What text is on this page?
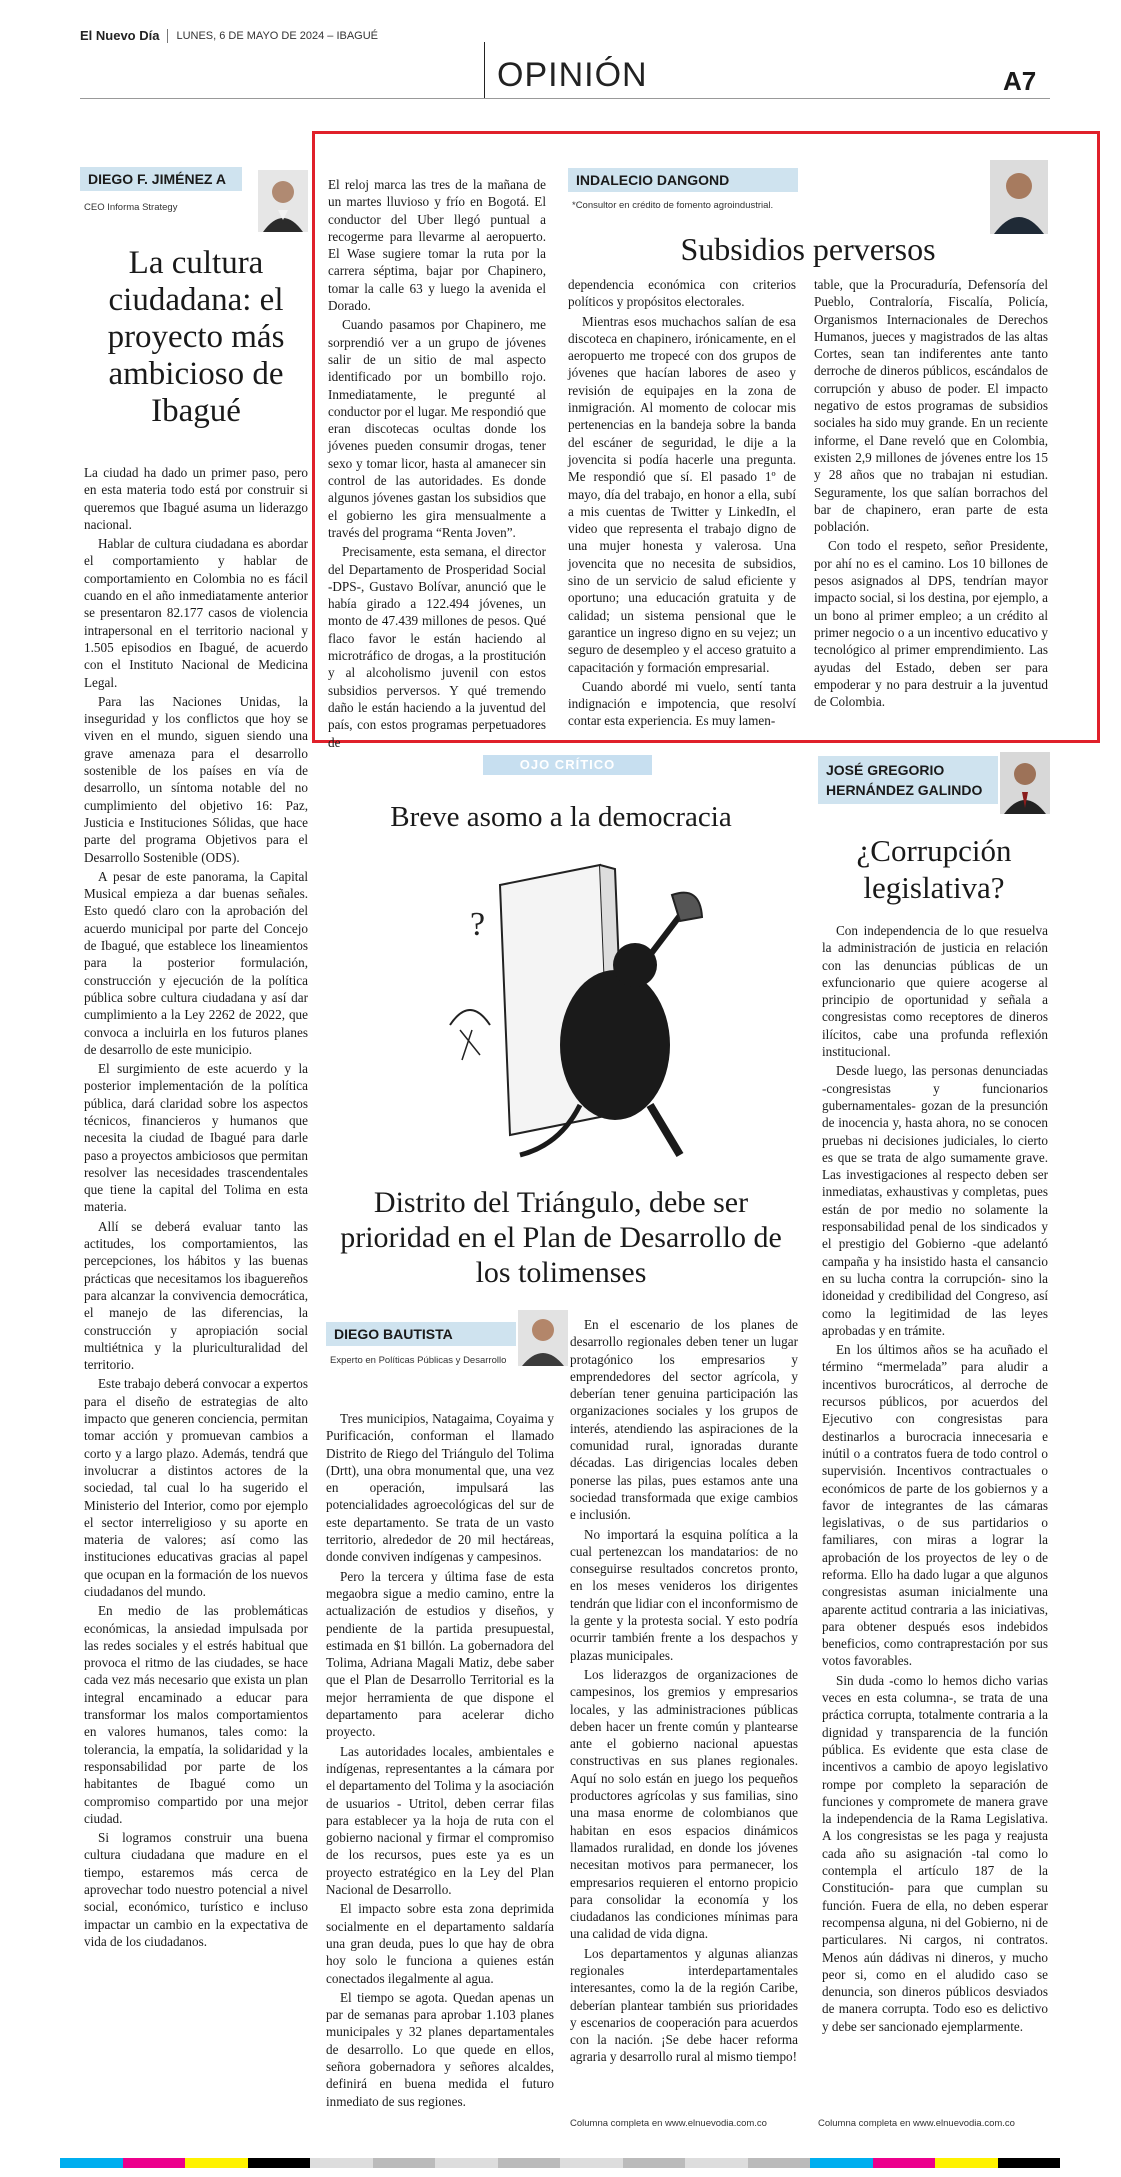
El Nuevo Día LUNES, 6 DE MAYO DE 2024 – IBAGUÉ
OPINIÓN	A7
DIEGO F. JIMÉNEZ A
CEO Informa Strategy
La cultura ciudadana: el proyecto más ambicioso de Ibagué

La ciudad ha dado un primer paso, pero en esta materia todo está por construir si queremos que Ibagué asuma un liderazgo nacional.

Hablar de cultura ciudadana es abordar el comportamiento y hablar de comportamiento en Colombia no es fácil cuando en el año inmediatamente anterior se presentaron 82.177 casos de violencia intrapersonal en el territorio nacional y 1.505 episodios en Ibagué, de acuerdo con el Instituto Nacional de Medicina Legal.

Para las Naciones Unidas, la inseguridad y los conflictos que hoy se viven en el mundo, siguen siendo una grave amenaza para el desarrollo sostenible de los países en vía de desarrollo, un síntoma notable del no cumplimiento del objetivo 16: Paz, Justicia e Instituciones Sólidas, que hace parte del programa Objetivos para el Desarrollo Sostenible (ODS).

A pesar de este panorama, la Capital Musical empieza a dar buenas señales. Esto quedó claro con la aprobación del acuerdo municipal por parte del Concejo de Ibagué, que establece los lineamientos para la posterior formulación, construcción y ejecución de la política pública sobre cultura ciudadana y así dar cumplimiento a la Ley 2262 de 2022, que convoca a incluirla en los futuros planes de desarrollo de este municipio.

El surgimiento de este acuerdo y la posterior implementación de la política pública, dará claridad sobre los aspectos técnicos, financieros y humanos que necesita la ciudad de Ibagué para darle paso a proyectos ambiciosos que permitan resolver las necesidades trascendentales que tiene la capital del Tolima en esta materia.

Allí se deberá evaluar tanto las actitudes, los comportamientos, las percepciones, los hábitos y las buenas prácticas que necesitamos los ibaguereños para alcanzar la convivencia democrática, el manejo de las diferencias, la construcción y apropiación social multiétnica y la pluriculturalidad del territorio.

Este trabajo deberá convocar a expertos para el diseño de estrategias de alto impacto que generen conciencia, permitan tomar acción y promuevan cambios a corto y a largo plazo. Además, tendrá que involucrar a distintos actores de la sociedad, tal cual lo ha sugerido el Ministerio del Interior, como por ejemplo el sector interreligioso y su aporte en materia de valores; así como las instituciones educativas gracias al papel que ocupan en la formación de los nuevos ciudadanos del mundo.

En medio de las problemáticas económicas, la ansiedad impulsada por las redes sociales y el estrés habitual que provoca el ritmo de las ciudades, se hace cada vez más necesario que exista un plan integral encaminado a educar para transformar los malos comportamientos en valores humanos, tales como: la tolerancia, la empatía, la solidaridad y la responsabilidad por parte de los habitantes de Ibagué como un compromiso compartido por una mejor ciudad.

Si logramos construir una buena cultura ciudadana que madure en el tiempo, estaremos más cerca de aprovechar todo nuestro potencial a nivel social, económico, turístico e incluso impactar un cambio en la expectativa de vida de los ciudadanos.

El reloj marca las tres de la mañana de un martes lluvioso y frío en Bogotá. El conductor del Uber llegó puntual a recogerme para llevarme al aeropuerto. El Wase sugiere tomar la ruta por la carrera séptima, bajar por Chapinero, tomar la calle 63 y luego la avenida el Dorado.

Cuando pasamos por Chapinero, me sorprendió ver a un grupo de jóvenes salir de un sitio de mal aspecto identificado por un bombillo rojo. Inmediatamente, le pregunté al conductor por el lugar. Me respondió que eran discotecas ocultas donde los jóvenes pueden consumir drogas, tener sexo y tomar licor, hasta al amanecer sin control de las autoridades. Es donde algunos jóvenes gastan los subsidios que el gobierno les gira mensualmente a través del programa “Renta Joven”.

Precisamente, esta semana, el director del Departamento de Prosperidad Social -DPS-, Gustavo Bolívar, anunció que le había girado a 122.494 jóvenes, un monto de 47.439 millones de pesos. Qué flaco favor le están haciendo al microtráfico de drogas, a la prostitución y al alcoholismo juvenil con estos subsidios perversos. Y qué tremendo daño le están haciendo a la juventud del país, con estos programas perpetuadores de

INDALECIO DANGOND
*Consultor en crédito de fomento agroindustrial.
Subsidios perversos

dependencia económica con criterios políticos y propósitos electorales.

Mientras esos muchachos salían de esa discoteca en chapinero, irónicamente, en el aeropuerto me tropecé con dos grupos de jóvenes que hacían labores de aseo y revisión de equipajes en la zona de inmigración. Al momento de colocar mis pertenencias en la bandeja sobre la banda del escáner de seguridad, le dije a la jovencita si podía hacerle una pregunta. Me respondió que sí. El pasado 1º de mayo, día del trabajo, en honor a ella, subí a mis cuentas de Twitter y LinkedIn, el video que representa el trabajo digno de una mujer honesta y valerosa. Una jovencita que no necesita de subsidios, sino de un servicio de salud eficiente y oportuno; una educación gratuita y de calidad; un sistema pensional que le garantice un ingreso digno en su vejez; un seguro de desempleo y el acceso gratuito a capacitación y formación empresarial.

Cuando abordé mi vuelo, sentí tanta indignación e impotencia, que resolví contar esta experiencia. Es muy lamen-

table, que la Procuraduría, Defensoría del Pueblo, Contraloría, Fiscalía, Policía, Organismos Internacionales de Derechos Humanos, jueces y magistrados de las altas Cortes, sean tan indiferentes ante tanto derroche de dineros públicos, escándalos de corrupción y abuso de poder. El impacto negativo de estos programas de subsidios sociales ha sido muy grande. En un reciente informe, el Dane reveló que en Colombia, existen 2,9 millones de jóvenes entre los 15 y 28 años que no trabajan ni estudian. Seguramente, los que salían borrachos del bar de chapinero, eran parte de esta población.

Con todo el respeto, señor Presidente, por ahí no es el camino. Los 10 billones de pesos asignados al DPS, tendrían mayor impacto social, si los destina, por ejemplo, a un bono al primer empleo; a un crédito al primer negocio o a un incentivo educativo y tecnológico al primer emprendimiento. Las ayudas del Estado, deben ser para empoderar y no para destruir a la juventud de Colombia.

OJO CRÍTICO
Breve asomo a la democracia
?
Distrito del Triángulo, debe ser prioridad en el Plan de Desarrollo de los tolimenses
DIEGO BAUTISTA
Experto en Políticas Públicas y Desarrollo

Tres municipios, Natagaima, Coyaima y Purificación, conforman el llamado Distrito de Riego del Triángulo del Tolima (Drtt), una obra monumental que, una vez en operación, impulsará las potencialidades agroecológicas del sur de este departamento. Se trata de un vasto territorio, alrededor de 20 mil hectáreas, donde conviven indígenas y campesinos.

Pero la tercera y última fase de esta megaobra sigue a medio camino, entre la actualización de estudios y diseños, y pendiente de la partida presupuestal, estimada en $1 billón. La gobernadora del Tolima, Adriana Magali Matiz, debe saber que el Plan de Desarrollo Territorial es la mejor herramienta de que dispone el departamento para acelerar dicho proyecto.

Las autoridades locales, ambientales e indígenas, representantes a la cámara por el departamento del Tolima y la asociación de usuarios - Utritol, deben cerrar filas para establecer ya la hoja de ruta con el gobierno nacional y firmar el compromiso de los recursos, pues este ya es un proyecto estratégico en la Ley del Plan Nacional de Desarrollo.

El impacto sobre esta zona deprimida socialmente en el departamento saldaría una gran deuda, pues lo que hay de obra hoy solo le funciona a quienes están conectados ilegalmente al agua.

El tiempo se agota. Quedan apenas un par de semanas para aprobar 1.103 planes municipales y 32 planes departamentales de desarrollo. Lo que quede en ellos, señora gobernadora y señores alcaldes, definirá en buena medida el futuro inmediato de sus regiones.

En el escenario de los planes de desarrollo regionales deben tener un lugar protagónico los empresarios y emprendedores del sector agrícola, y deberían tener genuina participación las organizaciones sociales y los grupos de interés, atendiendo las aspiraciones de la comunidad rural, ignoradas durante décadas. Las dirigencias locales deben ponerse las pilas, pues estamos ante una sociedad transformada que exige cambios e inclusión.

No importará la esquina política a la cual pertenezcan los mandatarios: de no conseguirse resultados concretos pronto, en los meses venideros los dirigentes tendrán que lidiar con el inconformismo de la gente y la protesta social. Y esto podría ocurrir también frente a los despachos y plazas municipales.

Los liderazgos de organizaciones de campesinos, los gremios y empresarios locales, y las administraciones públicas deben hacer un frente común y plantearse ante el gobierno nacional apuestas constructivas en sus planes regionales. Aquí no solo están en juego los pequeños productores agrícolas y sus familias, sino una masa enorme de colombianos que habitan en esos espacios dinámicos llamados ruralidad, en donde los jóvenes necesitan motivos para permanecer, los empresarios requieren el entorno propicio para consolidar la economía y los ciudadanos las condiciones mínimas para una calidad de vida digna.

Los departamentos y algunas alianzas regionales interdepartamentales interesantes, como la de la región Caribe, deberían plantear también sus prioridades y escenarios de cooperación para acuerdos con la nación. ¡Se debe hacer reforma agraria y desarrollo rural al mismo tiempo!

Columna completa en www.elnuevodia.com.co
JOSÉ GREGORIO
HERNÁNDEZ GALINDO
¿Corrupción legislativa?

Con independencia de lo que resuelva la administración de justicia en relación con las denuncias públicas de un exfuncionario que quiere acogerse al principio de oportunidad y señala a congresistas como receptores de dineros ilícitos, cabe una profunda reflexión institucional.

Desde luego, las personas denunciadas -congresistas y funcionarios gubernamentales- gozan de la presunción de inocencia y, hasta ahora, no se conocen pruebas ni decisiones judiciales, lo cierto es que se trata de algo sumamente grave. Las investigaciones al respecto deben ser inmediatas, exhaustivas y completas, pues están de por medio no solamente la responsabilidad penal de los sindicados y el prestigio del Gobierno -que adelantó campaña y ha insistido hasta el cansancio en su lucha contra la corrupción- sino la idoneidad y credibilidad del Congreso, así como la legitimidad de las leyes aprobadas y en trámite.

En los últimos años se ha acuñado el término “mermelada” para aludir a incentivos burocráticos, al derroche de recursos públicos, por acuerdos del Ejecutivo con congresistas para destinarlos a burocracia innecesaria e inútil o a contratos fuera de todo control o supervisión. Incentivos contractuales o económicos de parte de los gobiernos y a favor de integrantes de las cámaras legislativas, o de sus partidarios o familiares, con miras a lograr la aprobación de los proyectos de ley o de reforma. Ello ha dado lugar a que algunos congresistas asuman inicialmente una aparente actitud contraria a las iniciativas, para obtener después esos indebidos beneficios, como contraprestación por sus votos favorables.

Sin duda -como lo hemos dicho varias veces en esta columna-, se trata de una práctica corrupta, totalmente contraria a la dignidad y transparencia de la función pública. Es evidente que esta clase de incentivos a cambio de apoyo legislativo rompe por completo la separación de funciones y compromete de manera grave la independencia de la Rama Legislativa. A los congresistas se les paga y reajusta cada año su asignación -tal como lo contempla el artículo 187 de la Constitución- para que cumplan su función. Fuera de ella, no deben esperar recompensa alguna, ni del Gobierno, ni de particulares. Ni cargos, ni contratos. Menos aún dádivas ni dineros, y mucho peor si, como en el aludido caso se denuncia, son dineros públicos desviados de manera corrupta. Todo eso es delictivo y debe ser sancionado ejemplarmente.

Columna completa en www.elnuevodia.com.co
